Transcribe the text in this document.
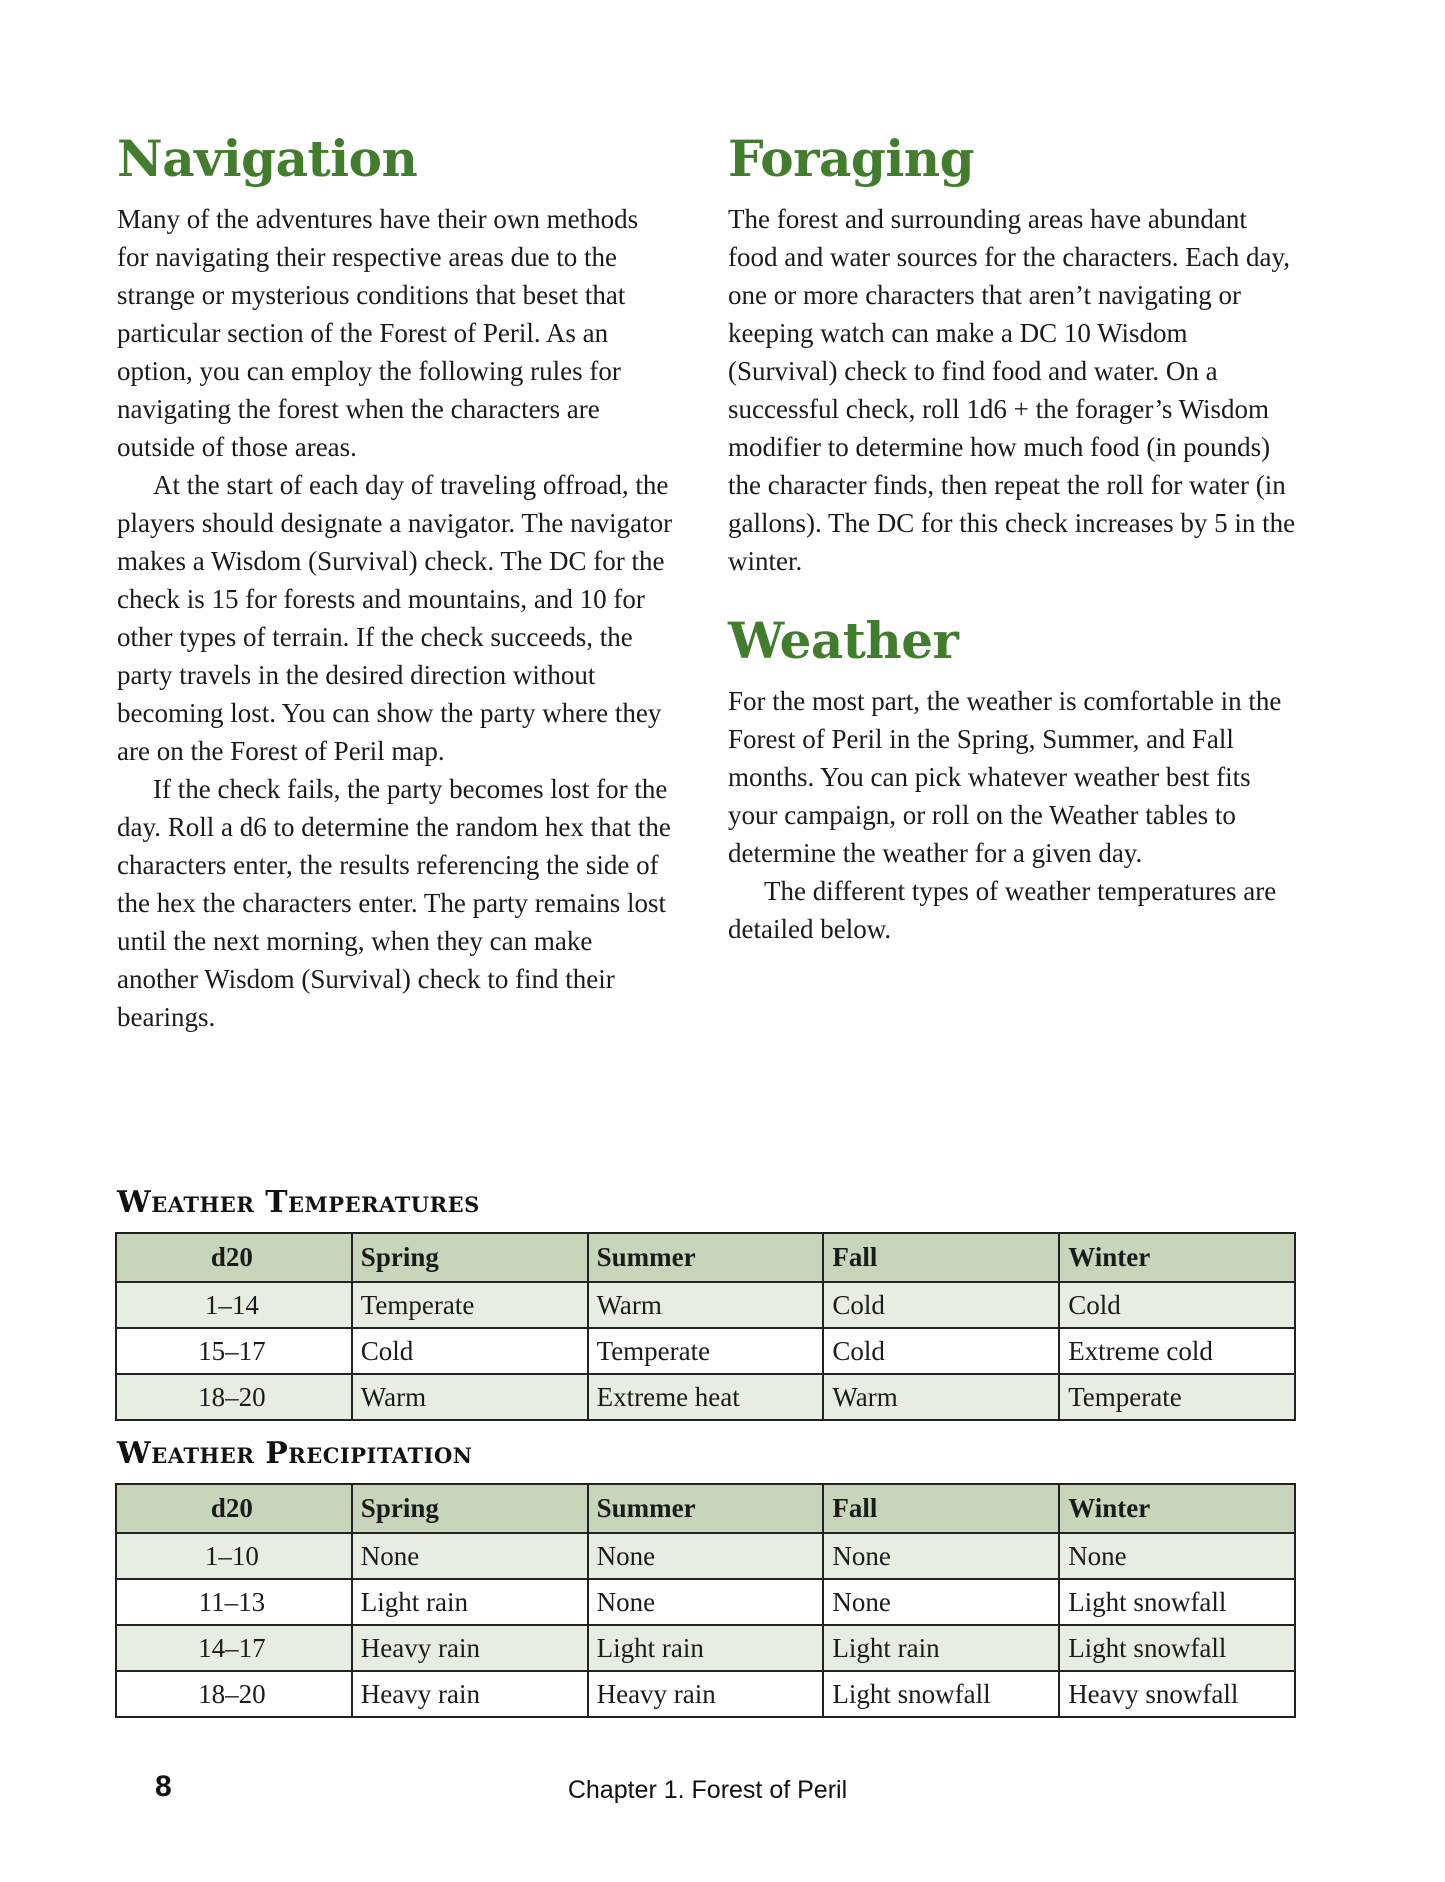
Navigation

Many of the adventures have their own methods for navigating their respective areas due to the strange or mysterious conditions that beset that particular section of the Forest of Peril. As an option, you can employ the following rules for navigating the forest when the characters are outside of those areas.

At the start of each day of traveling offroad, the players should designate a navigator. The navigator makes a Wisdom (Survival) check. The DC for the check is 15 for forests and mountains, and 10 for other types of terrain. If the check succeeds, the party travels in the desired direction without becoming lost. You can show the party where they are on the Forest of Peril map.

If the check fails, the party becomes lost for the day. Roll a d6 to determine the random hex that the characters enter, the results referencing the side of the hex the characters enter. The party remains lost until the next morning, when they can make another Wisdom (Survival) check to find their bearings.

Foraging

The forest and surrounding areas have abundant food and water sources for the characters. Each day, one or more characters that aren’t navigating or keeping watch can make a DC 10 Wisdom (Survival) check to find food and water. On a successful check, roll 1d6 + the forager’s Wisdom modifier to determine how much food (in pounds) the character finds, then repeat the roll for water (in gallons). The DC for this check increases by 5 in the winter.

Weather

For the most part, the weather is comfortable in the Forest of Peril in the Spring, Summer, and Fall months. You can pick whatever weather best fits your campaign, or roll on the Weather tables to determine the weather for a given day.

The different types of weather temperatures are detailed below.

Weather Temperatures
d20	Spring	Summer	Fall	Winter
1–14	Temperate	Warm	Cold	Cold
15–17	Cold	Temperate	Cold	Extreme cold
18–20	Warm	Extreme heat	Warm	Temperate
Weather Precipitation
d20	Spring	Summer	Fall	Winter
1–10	None	None	None	None
11–13	Light rain	None	None	Light snowfall
14–17	Heavy rain	Light rain	Light rain	Light snowfall
18–20	Heavy rain	Heavy rain	Light snowfall	Heavy snowfall
8	Chapter 1. Forest of Peril
